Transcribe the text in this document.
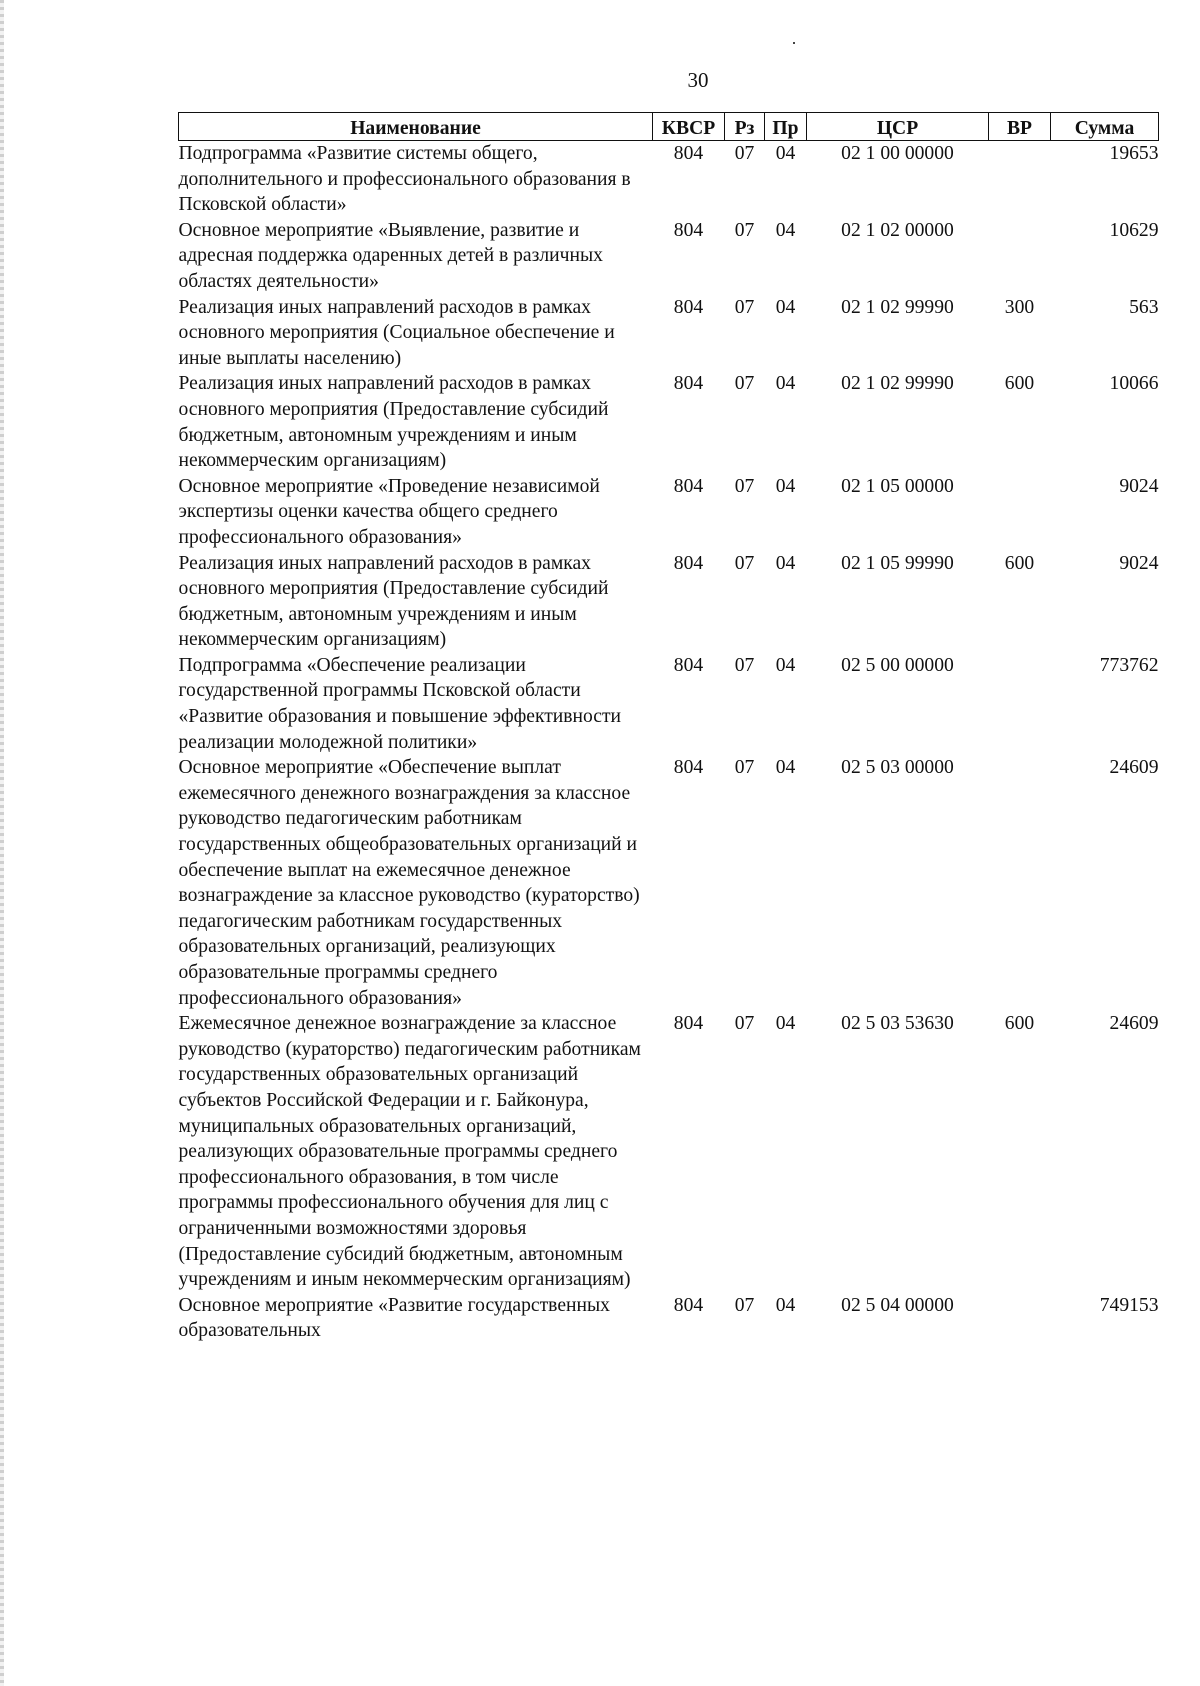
30
Наименование	КВСР	Рз	Пр	ЦСР	ВР	Сумма
Подпрограмма «Развитие системы общего, дополнительного и профессионального образования в Псковской области»	804	07	04	02 1 00 00000		19653
Основное мероприятие «Выявление, развитие и адресная поддержка одаренных детей в различных областях деятельности»	804	07	04	02 1 02 00000		10629
Реализация иных направлений расходов в рамках основного мероприятия (Социальное обеспечение и иные выплаты населению)	804	07	04	02 1 02 99990	300	563
Реализация иных направлений расходов в рамках основного мероприятия (Предоставление субсидий бюджетным, автономным учреждениям и иным некоммерческим организациям)	804	07	04	02 1 02 99990	600	10066
Основное мероприятие «Проведение независимой экспертизы оценки качества общего среднего профессионального образования»	804	07	04	02 1 05 00000		9024
Реализация иных направлений расходов в рамках основного мероприятия (Предоставление субсидий бюджетным, автономным учреждениям и иным некоммерческим организациям)	804	07	04	02 1 05 99990	600	9024
Подпрограмма «Обеспечение реализации государственной программы Псковской области «Развитие образования и повышение эффективности реализации молодежной политики»	804	07	04	02 5 00 00000		773762
Основное мероприятие «Обеспечение выплат ежемесячного денежного вознаграждения за классное руководство педагогическим работникам государственных общеобразовательных организаций и обеспечение выплат на ежемесячное денежное вознаграждение за классное руководство (кураторство) педагогическим работникам государственных образовательных организаций, реализующих образовательные программы среднего профессионального образования»	804	07	04	02 5 03 00000		24609
Ежемесячное денежное вознаграждение за классное руководство (кураторство) педагогическим работникам государственных образовательных организаций субъектов Российской Федерации и г. Байконура, муниципальных образовательных организаций, реализующих образовательные программы среднего профессионального образования, в том числе программы профессионального обучения для лиц с ограниченными возможностями здоровья (Предоставление субсидий бюджетным, автономным учреждениям и иным некоммерческим организациям)	804	07	04	02 5 03 53630	600	24609
Основное мероприятие «Развитие государственных образовательных	804	07	04	02 5 04 00000		749153
